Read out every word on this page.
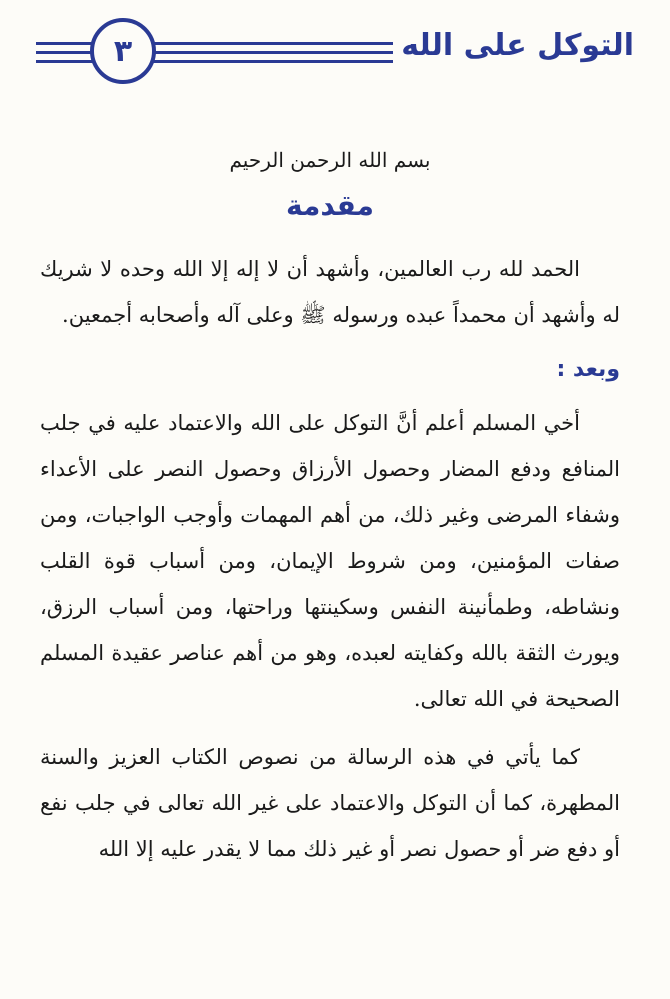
٣	التوكل على الله
بسم الله الرحمن الرحيم
مقدمة

الحمد لله رب العالمين، وأشهد أن لا إله إلا الله وحده لا شريك له وأشهد أن محمداً عبده ورسوله ﷺ وعلى آله وأصحابه أجمعين.

وبعد :

أخي المسلم أعلم أنَّ التوكل على الله والاعتماد عليه في جلب المنافع ودفع المضار وحصول الأرزاق وحصول النصر على الأعداء وشفاء المرضى وغير ذلك، من أهم المهمات وأوجب الواجبات، ومن صفات المؤمنين، ومن شروط الإيمان، ومن أسباب قوة القلب ونشاطه، وطمأنينة النفس وسكينتها وراحتها، ومن أسباب الرزق، ويورث الثقة بالله وكفايته لعبده، وهو من أهم عناصر عقيدة المسلم الصحيحة في الله تعالى.

كما يأتي في هذه الرسالة من نصوص الكتاب العزيز والسنة المطهرة، كما أن التوكل والاعتماد على غير الله تعالى في جلب نفع أو دفع ضر أو حصول نصر أو غير ذلك مما لا يقدر عليه إلا الله
